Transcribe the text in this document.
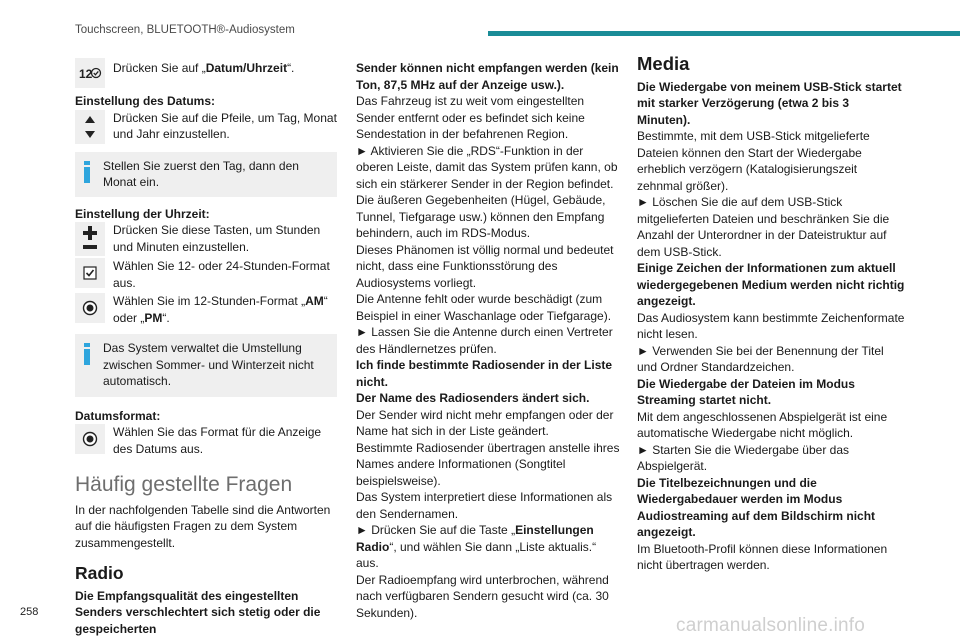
Touchscreen, BLUETOOTH®-Audiosystem
12 Drücken Sie auf „Datum/Uhrzeit“.

Einstellung des Datums:

Drücken Sie auf die Pfeile, um Tag, Monat und Jahr einzustellen.

Stellen Sie zuerst den Tag, dann den Monat ein.

Einstellung der Uhrzeit:

Drücken Sie diese Tasten, um Stunden und Minuten einzustellen.

Wählen Sie 12- oder 24-Stunden-Format aus.

Wählen Sie im 12-Stunden-Format „AM“ oder „PM“.

Das System verwaltet die Umstellung zwischen Sommer- und Winterzeit nicht automatisch.

Datumsformat:

Wählen Sie das Format für die Anzeige des Datums aus.

Häufig gestellte Fragen

In der nachfolgenden Tabelle sind die Antworten auf die häufigsten Fragen zu dem System zusammengestellt.

Radio

Die Empfangsqualität des eingestellten Senders verschlechtert sich stetig oder die gespeicherten

Sender können nicht empfangen werden (kein Ton, 87,5 MHz auf der Anzeige usw.).

Das Fahrzeug ist zu weit vom eingestellten Sender entfernt oder es befindet sich keine Sendestation in der befahrenen Region.

► Aktivieren Sie die „RDS“-Funktion in der oberen Leiste, damit das System prüfen kann, ob sich ein stärkerer Sender in der Region befindet.

Die äußeren Gegebenheiten (Hügel, Gebäude, Tunnel, Tiefgarage usw.) können den Empfang behindern, auch im RDS-Modus.

Dieses Phänomen ist völlig normal und bedeutet nicht, dass eine Funktionsstörung des Audiosystems vorliegt.

Die Antenne fehlt oder wurde beschädigt (zum Beispiel in einer Waschanlage oder Tiefgarage).

► Lassen Sie die Antenne durch einen Vertreter des Händlernetzes prüfen.

Ich finde bestimmte Radiosender in der Liste nicht.

Der Name des Radiosenders ändert sich.

Der Sender wird nicht mehr empfangen oder der Name hat sich in der Liste geändert.

Bestimmte Radiosender übertragen anstelle ihres Names andere Informationen (Songtitel beispielsweise).

Das System interpretiert diese Informationen als den Sendernamen.

► Drücken Sie auf die Taste „Einstellungen Radio“, und wählen Sie dann „Liste aktualis.“ aus.

Der Radioempfang wird unterbrochen, während nach verfügbaren Sendern gesucht wird (ca. 30 Sekunden).

Media

Die Wiedergabe von meinem USB-Stick startet mit starker Verzögerung (etwa 2 bis 3 Minuten).

Bestimmte, mit dem USB-Stick mitgelieferte Dateien können den Start der Wiedergabe erheblich verzögern (Katalogisierungszeit zehnmal größer).

► Löschen Sie die auf dem USB-Stick mitgelieferten Dateien und beschränken Sie die Anzahl der Unterordner in der Dateistruktur auf dem USB-Stick.

Einige Zeichen der Informationen zum aktuell wiedergegebenen Medium werden nicht richtig angezeigt.

Das Audiosystem kann bestimmte Zeichenformate nicht lesen.

► Verwenden Sie bei der Benennung der Titel und Ordner Standardzeichen.

Die Wiedergabe der Dateien im Modus Streaming startet nicht.

Mit dem angeschlossenen Abspielgerät ist eine automatische Wiedergabe nicht möglich.

► Starten Sie die Wiedergabe über das Abspielgerät.

Die Titelbezeichnungen und die Wiedergabedauer werden im Modus Audiostreaming auf dem Bildschirm nicht angezeigt.

Im Bluetooth-Profil können diese Informationen nicht übertragen werden.

258
carmanualsonline.info
